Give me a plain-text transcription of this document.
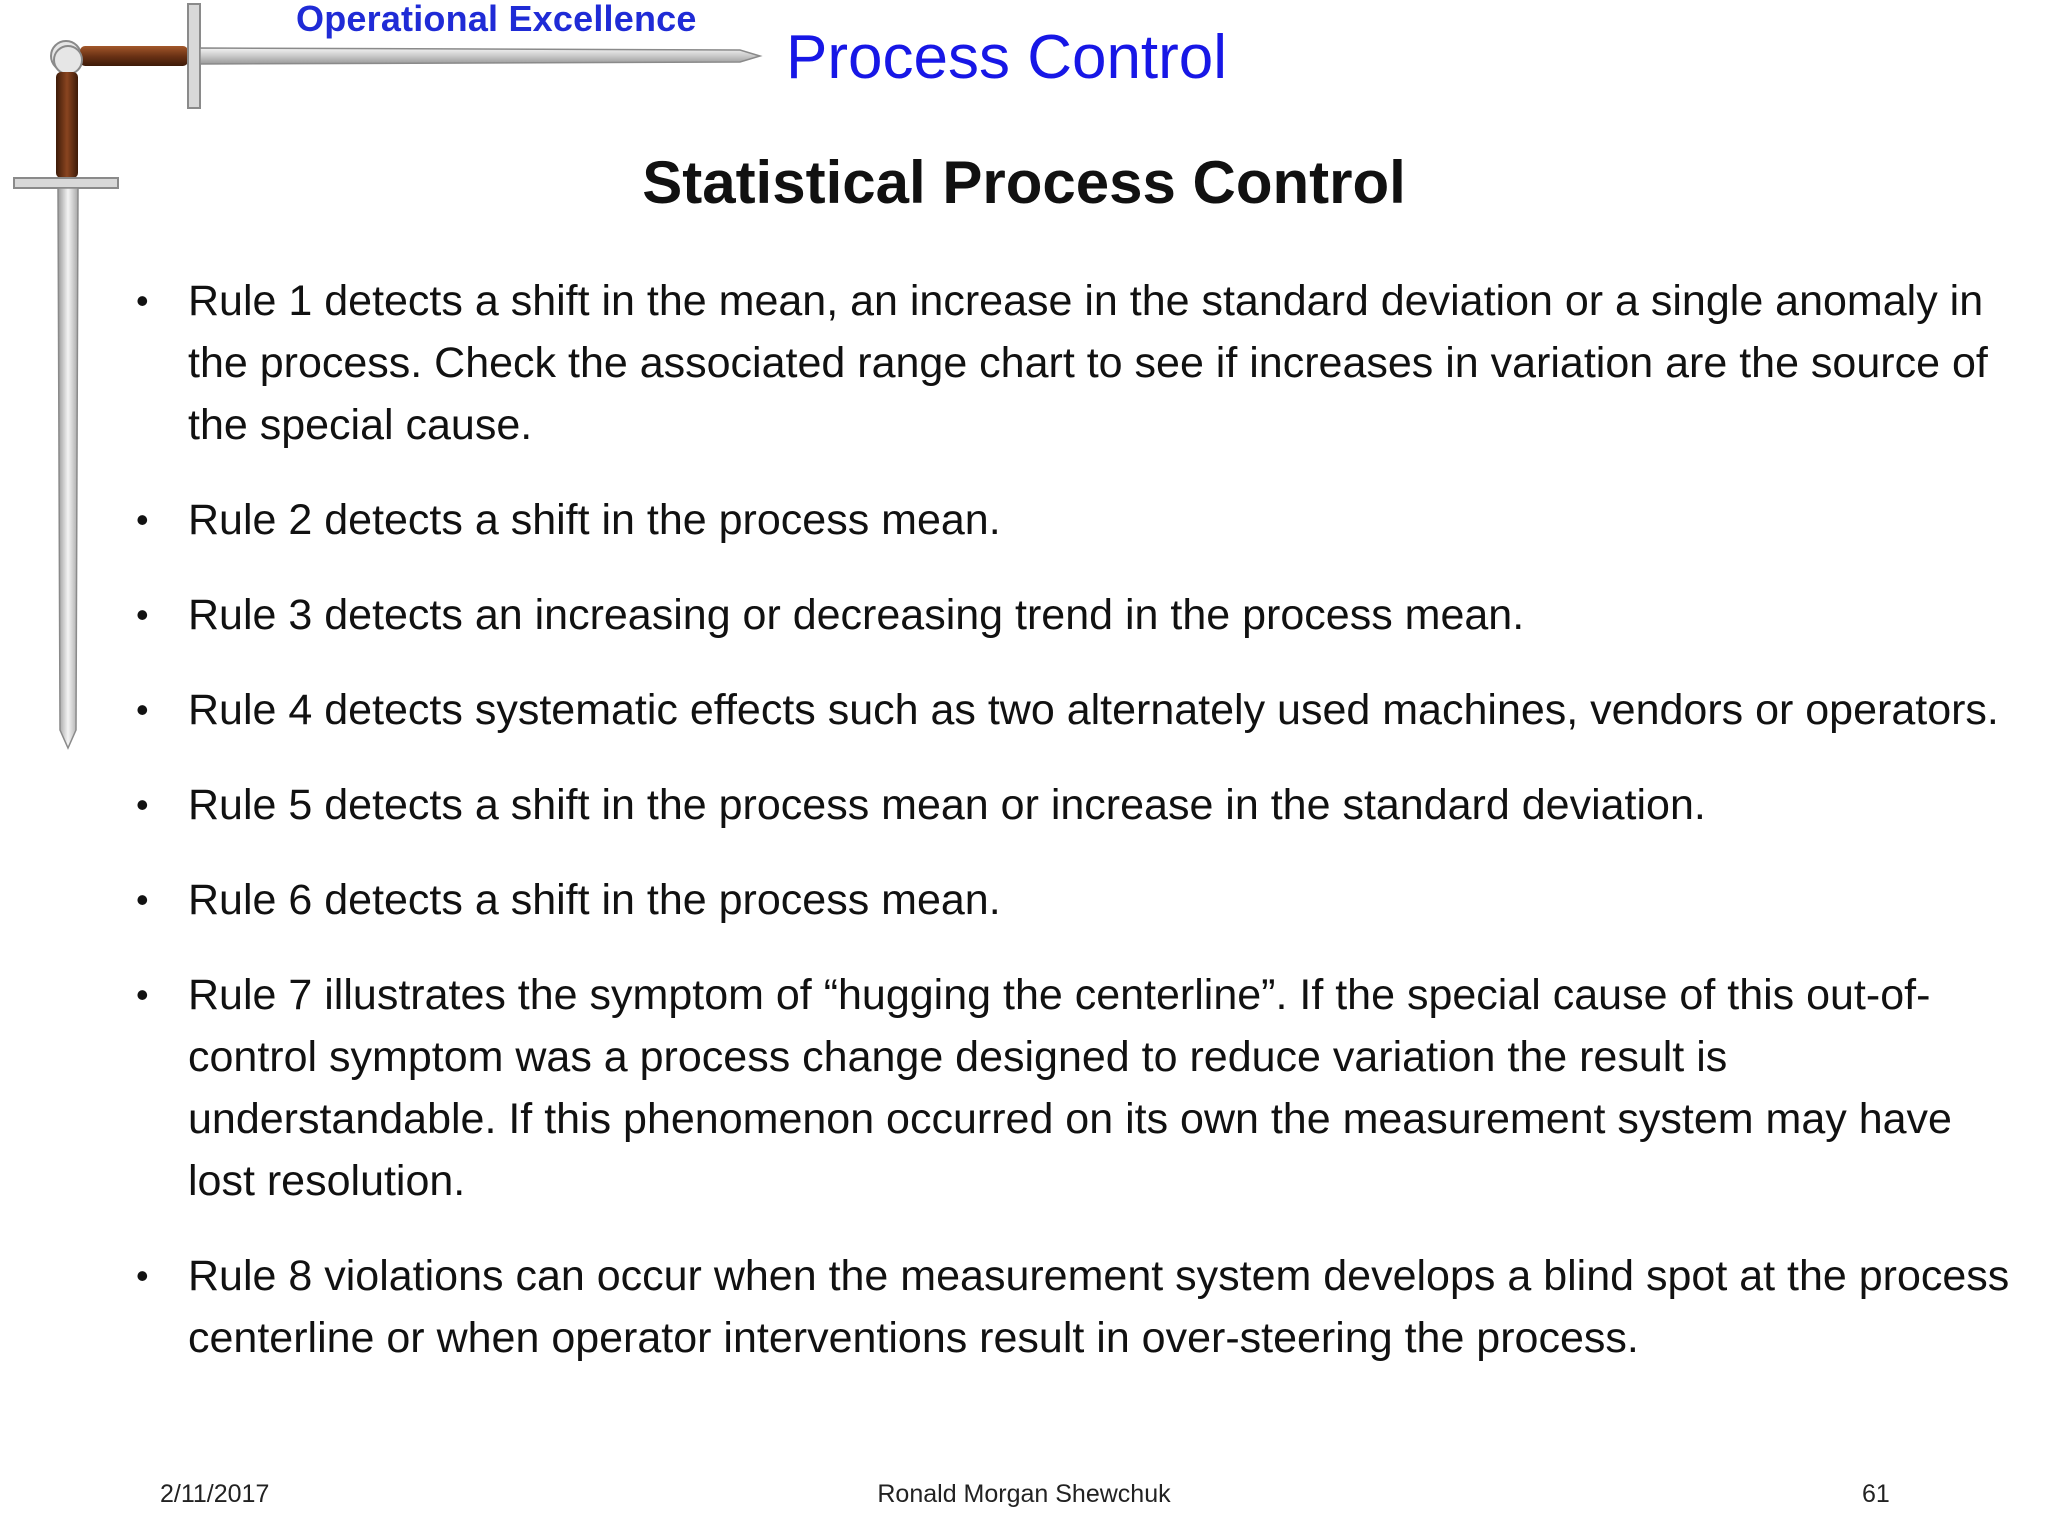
Operational Excellence
Process Control
Statistical Process Control
• Rule 1 detects a shift in the mean, an increase in the standard deviation or a single anomaly in the process. Check the associated range chart to see if increases in variation are the source of the special cause.
• Rule 2 detects a shift in the process mean.
• Rule 3 detects an increasing or decreasing trend in the process mean.
• Rule 4 detects systematic effects such as two alternately used machines, vendors or operators.
• Rule 5 detects a shift in the process mean or increase in the standard deviation.
• Rule 6 detects a shift in the process mean.
• Rule 7 illustrates the symptom of “hugging the centerline”. If the special cause of this out-of-control symptom was a process change designed to reduce variation the result is understandable. If this phenomenon occurred on its own the measurement system may have lost resolution.
• Rule 8 violations can occur when the measurement system develops a blind spot at the process centerline or when operator interventions result in over-steering the process.
2/11/2017	Ronald Morgan Shewchuk	61
